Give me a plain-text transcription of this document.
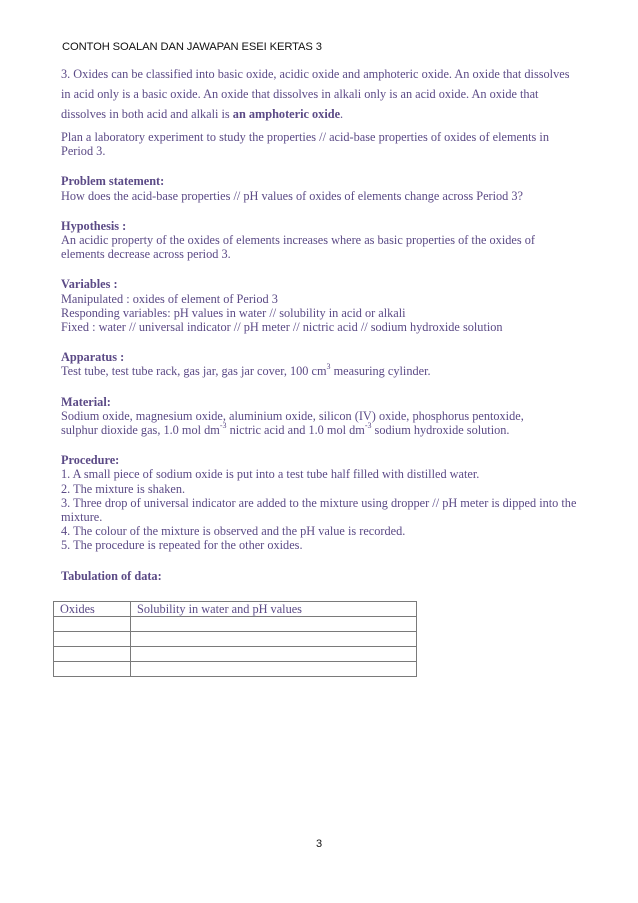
CONTOH SOALAN DAN JAWAPAN ESEI KERTAS 3

3. Oxides can be classified into basic oxide, acidic oxide and amphoteric oxide. An oxide that dissolves in acid only is a basic oxide. An oxide that dissolves in alkali only is an acid oxide. An oxide that dissolves in both acid and alkali is an amphoteric oxide.

Plan a laboratory experiment to study the properties // acid-base properties of oxides of elements in Period 3.

Problem statement:
How does the acid-base properties // pH values of oxides of elements change across Period 3?
Hypothesis :
An acidic property of the oxides of elements increases where as basic properties of the oxides of elements decrease across period 3.
Variables :
Manipulated : oxides of element of Period 3
Responding variables: pH values in water // solubility in acid or alkali
Fixed : water // universal indicator // pH meter // nictric acid // sodium hydroxide solution
Apparatus :
Test tube, test tube rack, gas jar, gas jar cover, 100 $cm^3$ measuring cylinder.
Material:
Sodium oxide, magnesium oxide, aluminium oxide, silicon (IV) oxide, phosphorus pentoxide,
sulphur dioxide gas, 1.0 mol $dm^{-3}$ nictric acid and 1.0 mol $dm^{-3}$ sodium hydroxide solution.
Procedure:
1. A small piece of sodium oxide is put into a test tube half filled with distilled water.
2. The mixture is shaken.
3. Three drop of universal indicator are added to the mixture using dropper // pH meter is dipped into the mixture.
4. The colour of the mixture is observed and the pH value is recorded.
5. The procedure is repeated for the other oxides.
Tabulation of data:
Oxides	Solubility in water and pH values

3
